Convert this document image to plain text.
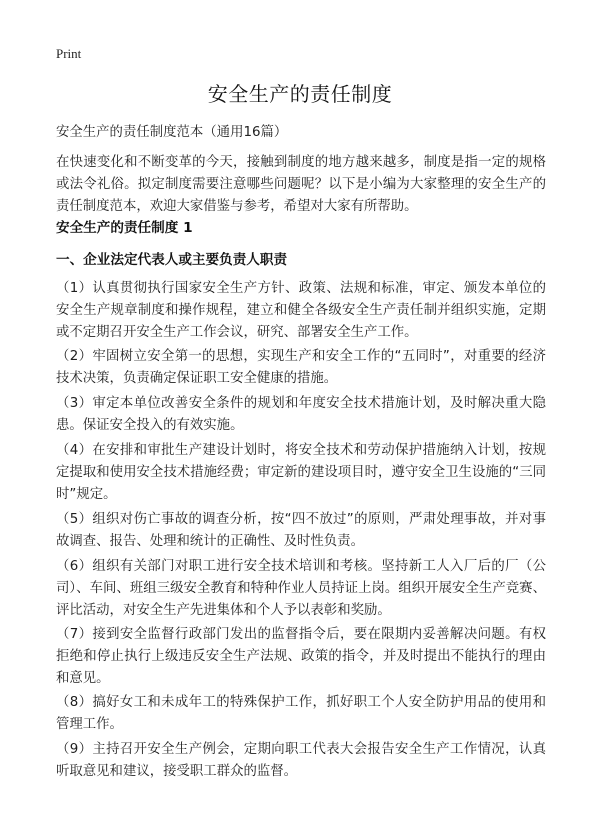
Print
安全生产的责任制度
安全生产的责任制度范本（通用16篇）

在快速变化和不断变革的今天，接触到制度的地方越来越多，制度是指一定的规格或法令礼俗。拟定制度需要注意哪些问题呢？以下是小编为大家整理的安全生产的责任制度范本，欢迎大家借鉴与参考，希望对大家有所帮助。

安全生产的责任制度 1
一、企业法定代表人或主要负责人职责

（1）认真贯彻执行国家安全生产方针、政策、法规和标准，审定、颁发本单位的安全生产规章制度和操作规程，建立和健全各级安全生产责任制并组织实施，定期或不定期召开安全生产工作会议，研究、部署安全生产工作。

（2）牢固树立安全第一的思想，实现生产和安全工作的“五同时”，对重要的经济技术决策，负责确定保证职工安全健康的措施。

（3）审定本单位改善安全条件的规划和年度安全技术措施计划，及时解决重大隐患。保证安全投入的有效实施。

（4）在安排和审批生产建设计划时，将安全技术和劳动保护措施纳入计划，按规定提取和使用安全技术措施经费；审定新的建设项目时，遵守安全卫生设施的“三同时”规定。

（5）组织对伤亡事故的调查分析，按“四不放过”的原则，严肃处理事故，并对事故调查、报告、处理和统计的正确性、及时性负责。

（6）组织有关部门对职工进行安全技术培训和考核。坚持新工人入厂后的厂（公司）、车间、班组三级安全教育和特种作业人员持证上岗。组织开展安全生产竞赛、评比活动，对安全生产先进集体和个人予以表彰和奖励。

（7）接到安全监督行政部门发出的监督指令后，要在限期内妥善解决问题。有权拒绝和停止执行上级违反安全生产法规、政策的指令，并及时提出不能执行的理由和意见。

（8）搞好女工和未成年工的特殊保护工作，抓好职工个人安全防护用品的使用和管理工作。

（9）主持召开安全生产例会，定期向职工代表大会报告安全生产工作情况，认真听取意见和建议，接受职工群众的监督。
